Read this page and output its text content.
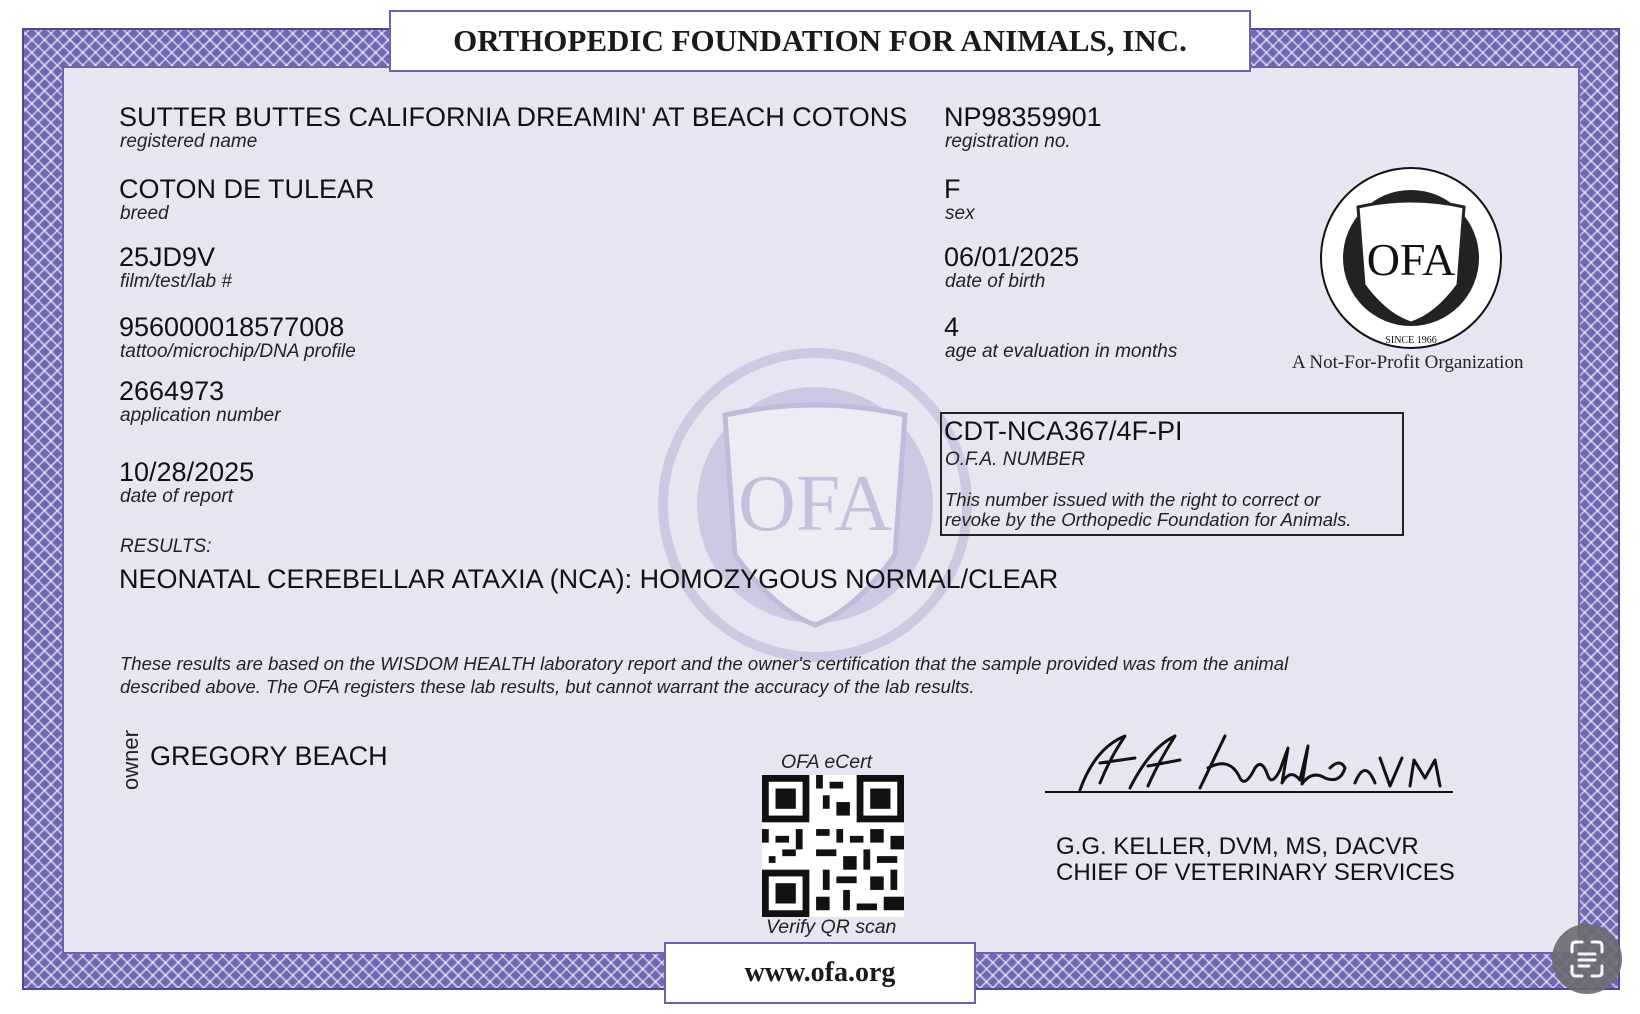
ORTHOPEDIC FOUNDATION FOR ANIMALS, INC.
OFA
SUTTER BUTTES CALIFORNIA DREAMIN' AT BEACH COTONS
registered name
COTON DE TULEAR
breed
25JD9V
film/test/lab #
956000018577008
tattoo/microchip/DNA profile
2664973
application number
10/28/2025
date of report
NP98359901
registration no.
F
sex
06/01/2025
date of birth
4
age at evaluation in months
CDT-NCA367/4F-PI
O.F.A. NUMBER
This number issued with the right to correct or
revoke by the Orthopedic Foundation for Animals.
OFA
SINCE 1966
A Not-For-Profit Organization
RESULTS:
NEONATAL CEREBELLAR ATAXIA (NCA): HOMOZYGOUS NORMAL/CLEAR
These results are based on the WISDOM HEALTH laboratory report and the owner's certification that the sample provided was from the animal
described above. The OFA registers these lab results, but cannot warrant the accuracy of the lab results.
owner GREGORY BEACH	OFA eCert
Verify QR scan
G.G. KELLER, DVM, MS, DACVR
CHIEF OF VETERINARY SERVICES
www.ofa.org
